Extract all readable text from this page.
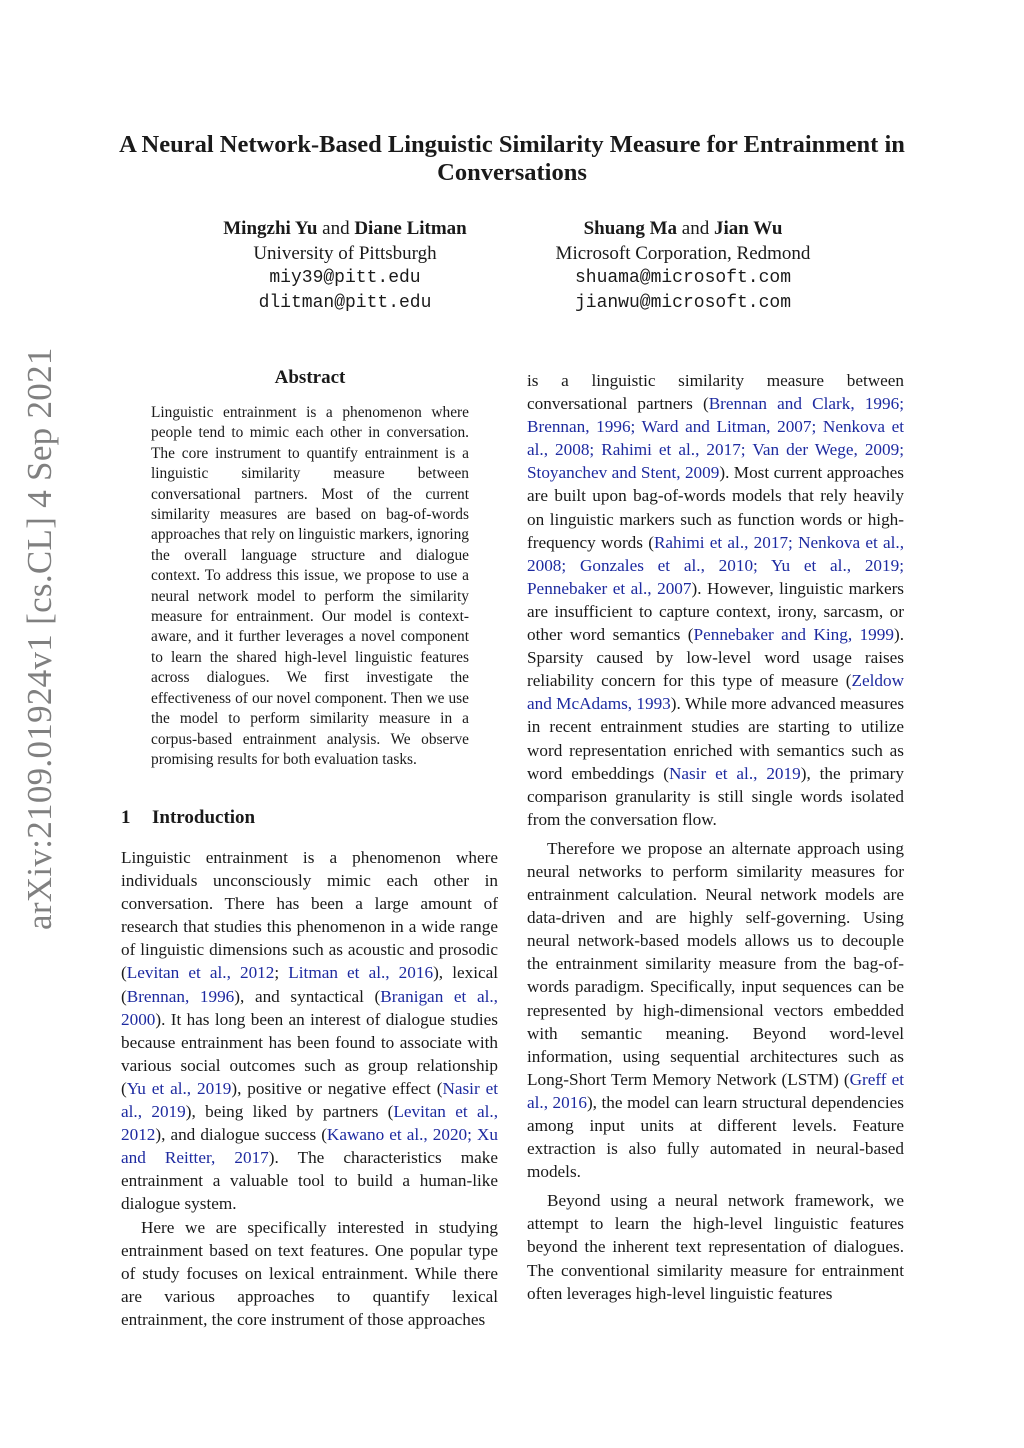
arXiv:2109.01924v1 [cs.CL] 4 Sep 2021
A Neural Network-Based Linguistic Similarity Measure for Entrainment in Conversations
Mingzhi Yu and Diane Litman
University of Pittsburgh
miy39@pitt.edu
dlitman@pitt.edu
Shuang Ma and Jian Wu
Microsoft Corporation, Redmond
shuama@microsoft.com
jianwu@microsoft.com
Abstract
Linguistic entrainment is a phenomenon where people tend to mimic each other in conversation. The core instrument to quantify entrainment is a linguistic similarity measure between conversational partners. Most of the current similarity measures are based on bag-of-words approaches that rely on linguistic markers, ignoring the overall language structure and dialogue context. To address this issue, we propose to use a neural network model to perform the similarity measure for entrainment. Our model is context-aware, and it further leverages a novel component to learn the shared high-level linguistic features across dialogues. We first investigate the effectiveness of our novel component. Then we use the model to perform similarity measure in a corpus-based entrainment analysis. We observe promising results for both evaluation tasks.
1 Introduction

Linguistic entrainment is a phenomenon where individuals unconsciously mimic each other in conversation. There has been a large amount of research that studies this phenomenon in a wide range of linguistic dimensions such as acoustic and prosodic (Levitan et al., 2012; Litman et al., 2016), lexical (Brennan, 1996), and syntactical (Branigan et al., 2000). It has long been an interest of dialogue studies because entrainment has been found to associate with various social outcomes such as group relationship (Yu et al., 2019), positive or negative effect (Nasir et al., 2019), being liked by partners (Levitan et al., 2012), and dialogue success (Kawano et al., 2020; Xu and Reitter, 2017). The characteristics make entrainment a valuable tool to build a human-like dialogue system.

Here we are specifically interested in studying entrainment based on text features. One popular type of study focuses on lexical entrainment. While there are various approaches to quantify lexical entrainment, the core instrument of those approaches

is a linguistic similarity measure between conversational partners (Brennan and Clark, 1996; Brennan, 1996; Ward and Litman, 2007; Nenkova et al., 2008; Rahimi et al., 2017; Van der Wege, 2009; Stoyanchev and Stent, 2009). Most current approaches are built upon bag-of-words models that rely heavily on linguistic markers such as function words or high-frequency words (Rahimi et al., 2017; Nenkova et al., 2008; Gonzales et al., 2010; Yu et al., 2019; Pennebaker et al., 2007). However, linguistic markers are insufficient to capture context, irony, sarcasm, or other word semantics (Pennebaker and King, 1999). Sparsity caused by low-level word usage raises reliability concern for this type of measure (Zeldow and McAdams, 1993). While more advanced measures in recent entrainment studies are starting to utilize word representation enriched with semantics such as word embeddings (Nasir et al., 2019), the primary comparison granularity is still single words isolated from the conversation flow.

Therefore we propose an alternate approach using neural networks to perform similarity measures for entrainment calculation. Neural network models are data-driven and are highly self-governing. Using neural network-based models allows us to decouple the entrainment similarity measure from the bag-of-words paradigm. Specifically, input sequences can be represented by high-dimensional vectors embedded with semantic meaning. Beyond word-level information, using sequential architectures such as Long-Short Term Memory Network (LSTM) (Greff et al., 2016), the model can learn structural dependencies among input units at different levels. Feature extraction is also fully automated in neural-based models.

Beyond using a neural network framework, we attempt to learn the high-level linguistic features beyond the inherent text representation of dialogues. The conventional similarity measure for entrainment often leverages high-level linguistic features
